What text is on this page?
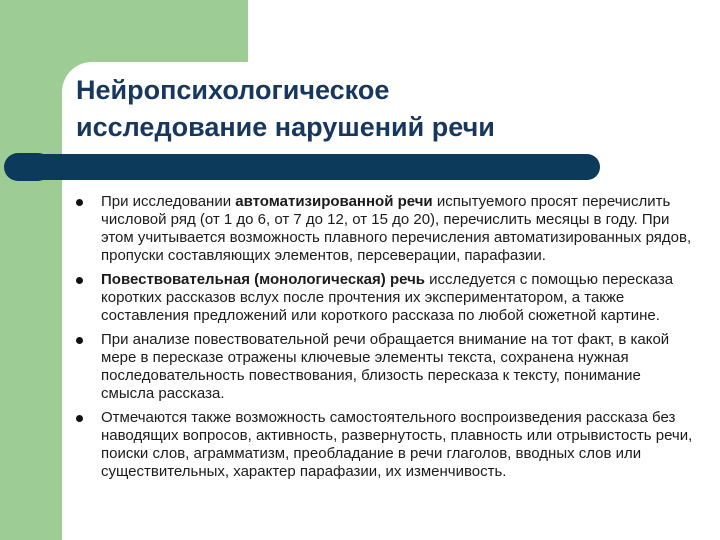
Нейропсихологическое
исследование нарушений речи
При исследовании автоматизированной речи испытуемого просят перечислить числовой ряд (от 1 до 6, от 7 до 12, от 15 до 20), перечислить месяцы в году. При этом учитывается возможность плавного перечисления автоматизированных рядов, пропуски составляющих элементов, персеверации, парафазии.
Повествовательная (монологическая) речь исследуется с помощью пересказа коротких рассказов вслух после прочтения их экспериментатором, а также составления предложений или короткого рассказа по любой сюжетной картине.
При анализе повествовательной речи обращается внимание на тот факт, в какой мере в пересказе отражены ключевые элементы текста, сохранена нужная последовательность повествования, близость пересказа к тексту, понимание смысла рассказа.
Отмечаются также возможность самостоятельного воспроизведения рассказа без наводящих вопросов, активность, развернутость, плавность или отрывистость речи, поиски слов, аграмматизм, преобладание в речи глаголов, вводных слов или существительных, характер парафазии, их изменчивость.
